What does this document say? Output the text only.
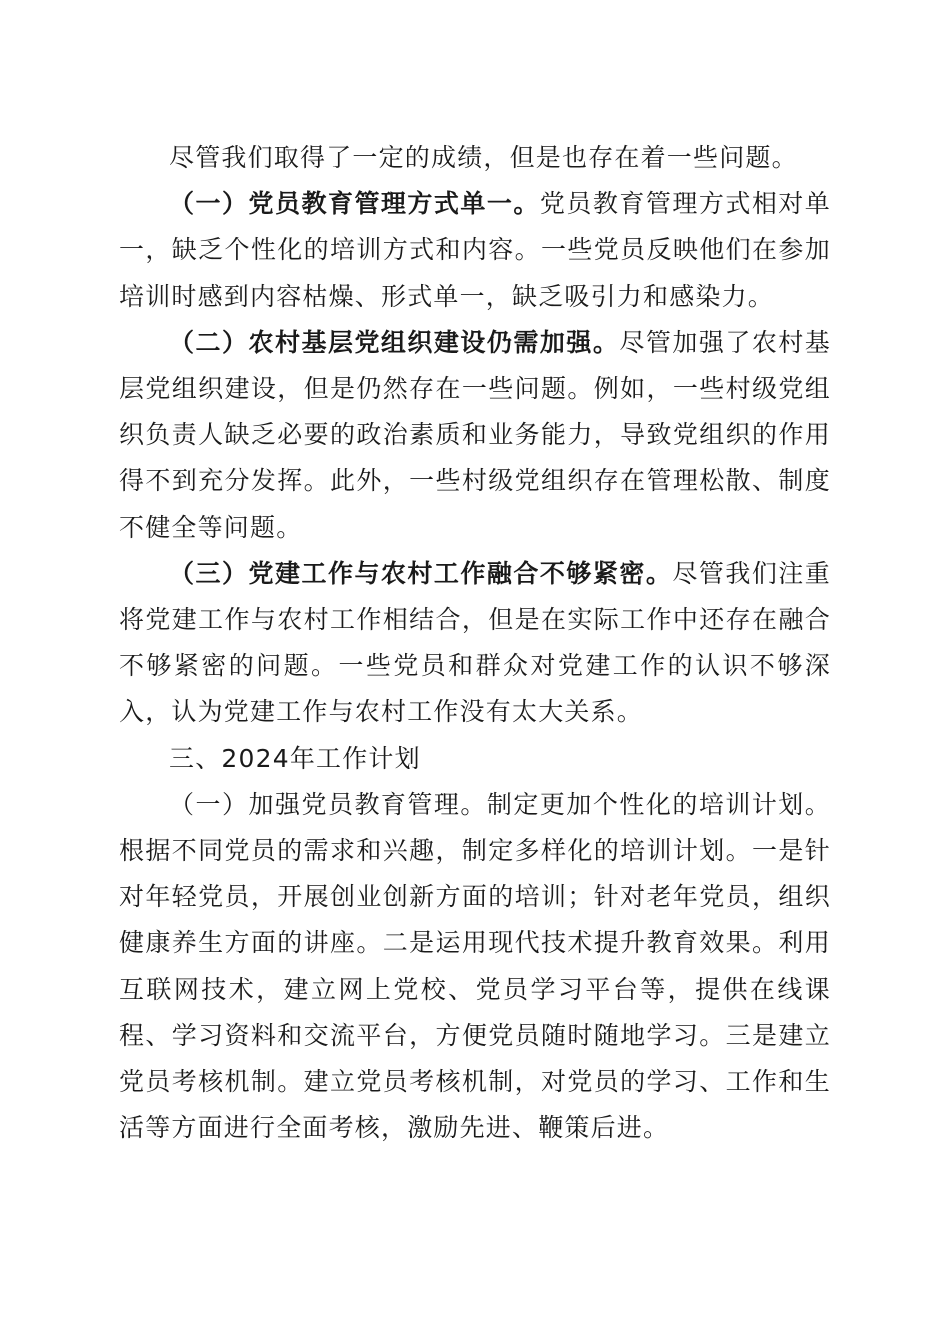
尽管我们取得了一定的成绩，但是也存在着一些问题。

（一）党员教育管理方式单一。党员教育管理方式相对单一，缺乏个性化的培训方式和内容。一些党员反映他们在参加培训时感到内容枯燥、形式单一，缺乏吸引力和感染力。

（二）农村基层党组织建设仍需加强。尽管加强了农村基层党组织建设，但是仍然存在一些问题。例如，一些村级党组织负责人缺乏必要的政治素质和业务能力，导致党组织的作用得不到充分发挥。此外，一些村级党组织存在管理松散、制度不健全等问题。

（三）党建工作与农村工作融合不够紧密。尽管我们注重将党建工作与农村工作相结合，但是在实际工作中还存在融合不够紧密的问题。一些党员和群众对党建工作的认识不够深入，认为党建工作与农村工作没有太大关系。

三、2024年工作计划

（一）加强党员教育管理。制定更加个性化的培训计划。根据不同党员的需求和兴趣，制定多样化的培训计划。一是针对年轻党员，开展创业创新方面的培训；针对老年党员，组织健康养生方面的讲座。二是运用现代技术提升教育效果。利用互联网技术，建立网上党校、党员学习平台等，提供在线课程、学习资料和交流平台，方便党员随时随地学习。三是建立党员考核机制。建立党员考核机制，对党员的学习、工作和生活等方面进行全面考核，激励先进、鞭策后进。
